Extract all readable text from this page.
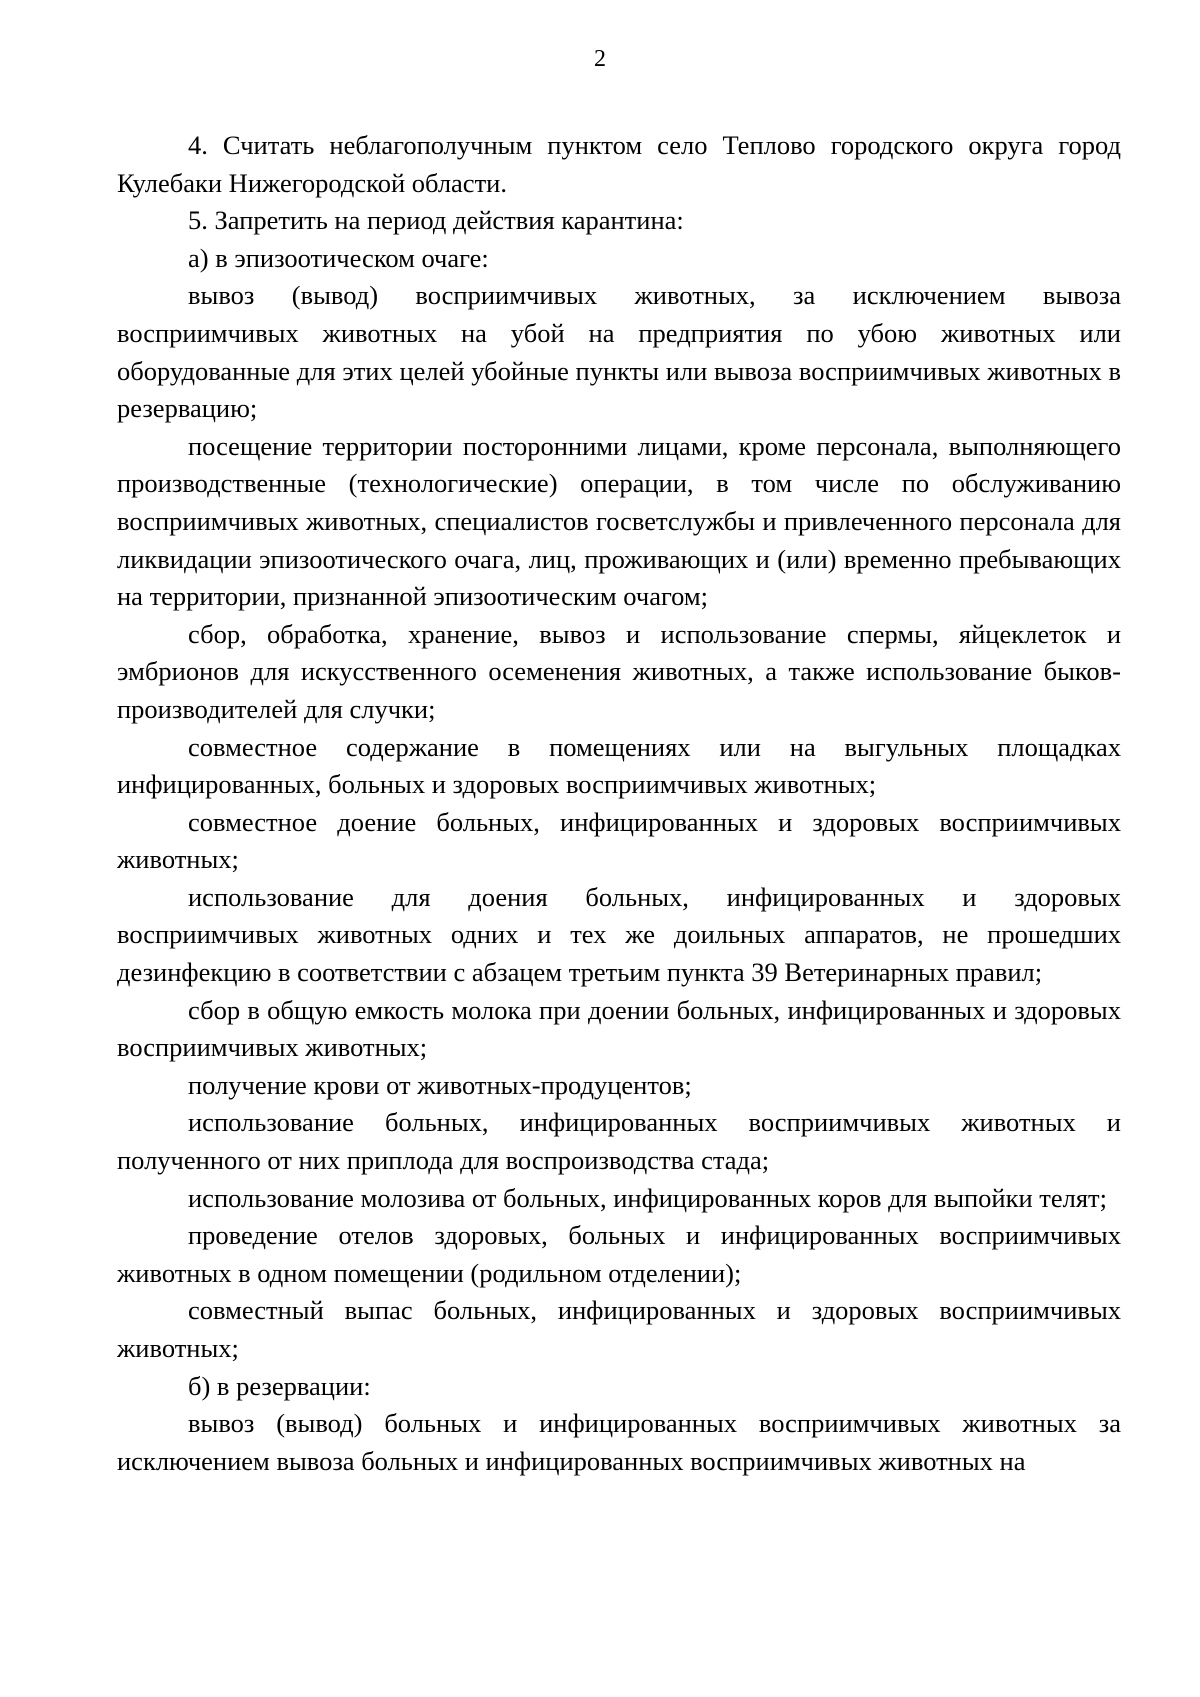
2

4. Считать неблагополучным пунктом село Теплово городского округа город Кулебаки Нижегородской области.

5. Запретить на период действия карантина:

а) в эпизоотическом очаге:

вывоз (вывод) восприимчивых животных, за исключением вывоза восприимчивых животных на убой на предприятия по убою животных или оборудованные для этих целей убойные пункты или вывоза восприимчивых животных в резервацию;

посещение территории посторонними лицами, кроме персонала, выполняющего производственные (технологические) операции, в том числе по обслуживанию восприимчивых животных, специалистов госветслужбы и привлеченного персонала для ликвидации эпизоотического очага, лиц, проживающих и (или) временно пребывающих на территории, признанной эпизоотическим очагом;

сбор, обработка, хранение, вывоз и использование спермы, яйцеклеток и эмбрионов для искусственного осеменения животных, а также использование быков-производителей для случки;

совместное содержание в помещениях или на выгульных площадках инфицированных, больных и здоровых восприимчивых животных;

совместное доение больных, инфицированных и здоровых восприимчивых животных;

использование для доения больных, инфицированных и здоровых восприимчивых животных одних и тех же доильных аппаратов, не прошедших дезинфекцию в соответствии с абзацем третьим пункта 39 Ветеринарных правил;

сбор в общую емкость молока при доении больных, инфицированных и здоровых восприимчивых животных;

получение крови от животных-продуцентов;

использование больных, инфицированных восприимчивых животных и полученного от них приплода для воспроизводства стада;

использование молозива от больных, инфицированных коров для выпойки телят;

проведение отелов здоровых, больных и инфицированных восприимчивых животных в одном помещении (родильном отделении);

совместный выпас больных, инфицированных и здоровых восприимчивых животных;

б) в резервации:

вывоз (вывод) больных и инфицированных восприимчивых животных за исключением вывоза больных и инфицированных восприимчивых животных на
